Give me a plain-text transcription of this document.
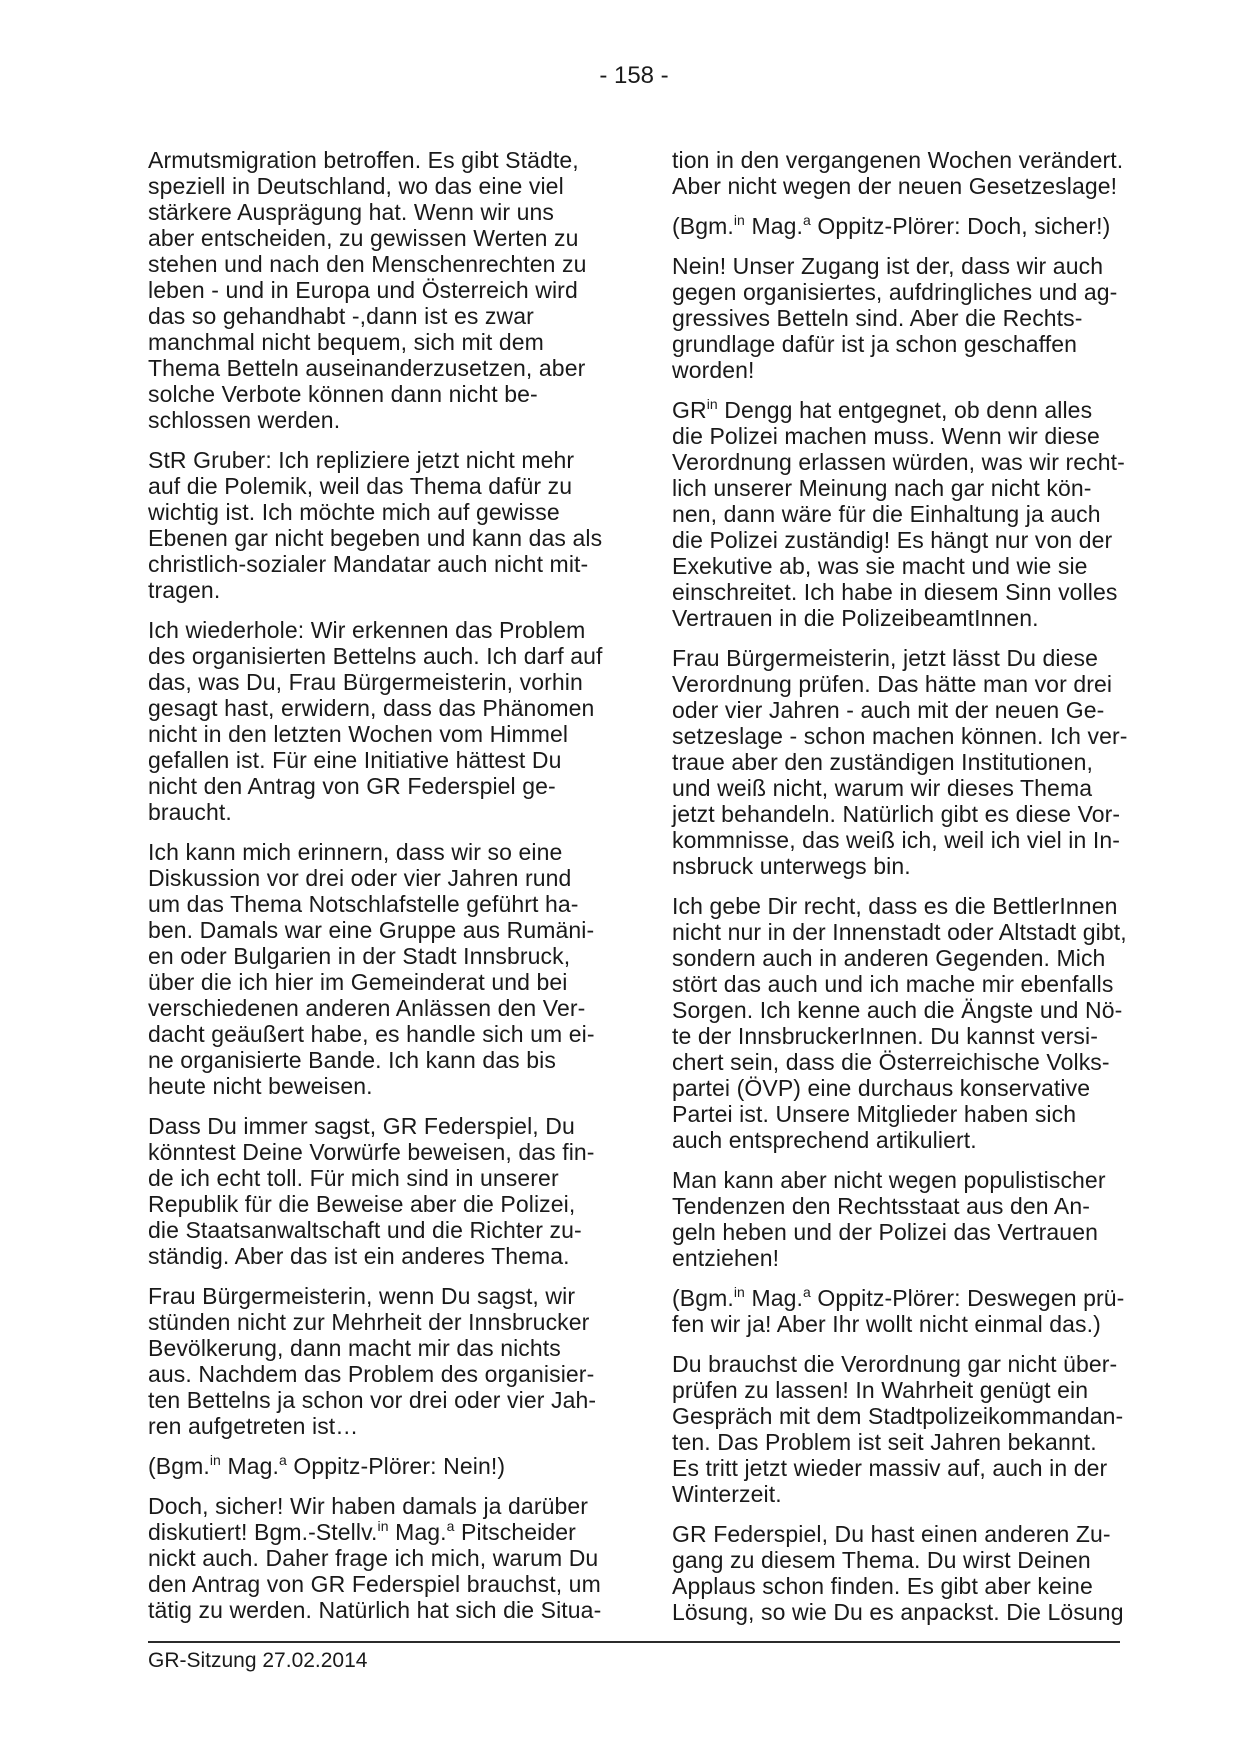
- 158 -

Armutsmigration betroffen. Es gibt Städte,
speziell in Deutschland, wo das eine viel
stärkere Ausprägung hat. Wenn wir uns
aber entscheiden, zu gewissen Werten zu
stehen und nach den Menschenrechten zu
leben - und in Europa und Österreich wird
das so gehandhabt -,dann ist es zwar
manchmal nicht bequem, sich mit dem
Thema Betteln auseinanderzusetzen, aber
solche Verbote können dann nicht be-
schlossen werden.

StR Gruber: Ich repliziere jetzt nicht mehr
auf die Polemik, weil das Thema dafür zu
wichtig ist. Ich möchte mich auf gewisse
Ebenen gar nicht begeben und kann das als
christlich-sozialer Mandatar auch nicht mit-
tragen.

Ich wiederhole: Wir erkennen das Problem
des organisierten Bettelns auch. Ich darf auf
das, was Du, Frau Bürgermeisterin, vorhin
gesagt hast, erwidern, dass das Phänomen
nicht in den letzten Wochen vom Himmel
gefallen ist. Für eine Initiative hättest Du
nicht den Antrag von GR Federspiel ge-
braucht.

Ich kann mich erinnern, dass wir so eine
Diskussion vor drei oder vier Jahren rund
um das Thema Notschlafstelle geführt ha-
ben. Damals war eine Gruppe aus Rumäni-
en oder Bulgarien in der Stadt Innsbruck,
über die ich hier im Gemeinderat und bei
verschiedenen anderen Anlässen den Ver-
dacht geäußert habe, es handle sich um ei-
ne organisierte Bande. Ich kann das bis
heute nicht beweisen.

Dass Du immer sagst, GR Federspiel, Du
könntest Deine Vorwürfe beweisen, das fin-
de ich echt toll. Für mich sind in unserer
Republik für die Beweise aber die Polizei,
die Staatsanwaltschaft und die Richter zu-
ständig. Aber das ist ein anderes Thema.

Frau Bürgermeisterin, wenn Du sagst, wir
stünden nicht zur Mehrheit der Innsbrucker
Bevölkerung, dann macht mir das nichts
aus. Nachdem das Problem des organisier-
ten Bettelns ja schon vor drei oder vier Jah-
ren aufgetreten ist…

(Bgm.$^{in}$ Mag.$^a$ Oppitz-Plörer: Nein!)

Doch, sicher! Wir haben damals ja darüber
diskutiert! Bgm.-Stellv.$^{in}$ Mag.$^a$ Pitscheider
nickt auch. Daher frage ich mich, warum Du
den Antrag von GR Federspiel brauchst, um
tätig zu werden. Natürlich hat sich die Situa-

tion in den vergangenen Wochen verändert.
Aber nicht wegen der neuen Gesetzeslage!

(Bgm.$^{in}$ Mag.$^a$ Oppitz-Plörer: Doch, sicher!)

Nein! Unser Zugang ist der, dass wir auch
gegen organisiertes, aufdringliches und ag-
gressives Betteln sind. Aber die Rechts-
grundlage dafür ist ja schon geschaffen
worden!

$GR^{in}$ Dengg hat entgegnet, ob denn alles
die Polizei machen muss. Wenn wir diese
Verordnung erlassen würden, was wir recht-
lich unserer Meinung nach gar nicht kön-
nen, dann wäre für die Einhaltung ja auch
die Polizei zuständig! Es hängt nur von der
Exekutive ab, was sie macht und wie sie
einschreitet. Ich habe in diesem Sinn volles
Vertrauen in die PolizeibeamtInnen.

Frau Bürgermeisterin, jetzt lässt Du diese
Verordnung prüfen. Das hätte man vor drei
oder vier Jahren - auch mit der neuen Ge-
setzeslage - schon machen können. Ich ver-
traue aber den zuständigen Institutionen,
und weiß nicht, warum wir dieses Thema
jetzt behandeln. Natürlich gibt es diese Vor-
kommnisse, das weiß ich, weil ich viel in In-
nsbruck unterwegs bin.

Ich gebe Dir recht, dass es die BettlerInnen
nicht nur in der Innenstadt oder Altstadt gibt,
sondern auch in anderen Gegenden. Mich
stört das auch und ich mache mir ebenfalls
Sorgen. Ich kenne auch die Ängste und Nö-
te der InnsbruckerInnen. Du kannst versi-
chert sein, dass die Österreichische Volks-
partei (ÖVP) eine durchaus konservative
Partei ist. Unsere Mitglieder haben sich
auch entsprechend artikuliert.

Man kann aber nicht wegen populistischer
Tendenzen den Rechtsstaat aus den An-
geln heben und der Polizei das Vertrauen
entziehen!

(Bgm.$^{in}$ Mag.$^a$ Oppitz-Plörer: Deswegen prü-
fen wir ja! Aber Ihr wollt nicht einmal das.)

Du brauchst die Verordnung gar nicht über-
prüfen zu lassen! In Wahrheit genügt ein
Gespräch mit dem Stadtpolizeikommandan-
ten. Das Problem ist seit Jahren bekannt.
Es tritt jetzt wieder massiv auf, auch in der
Winterzeit.

GR Federspiel, Du hast einen anderen Zu-
gang zu diesem Thema. Du wirst Deinen
Applaus schon finden. Es gibt aber keine
Lösung, so wie Du es anpackst. Die Lösung

GR-Sitzung 27.02.2014
